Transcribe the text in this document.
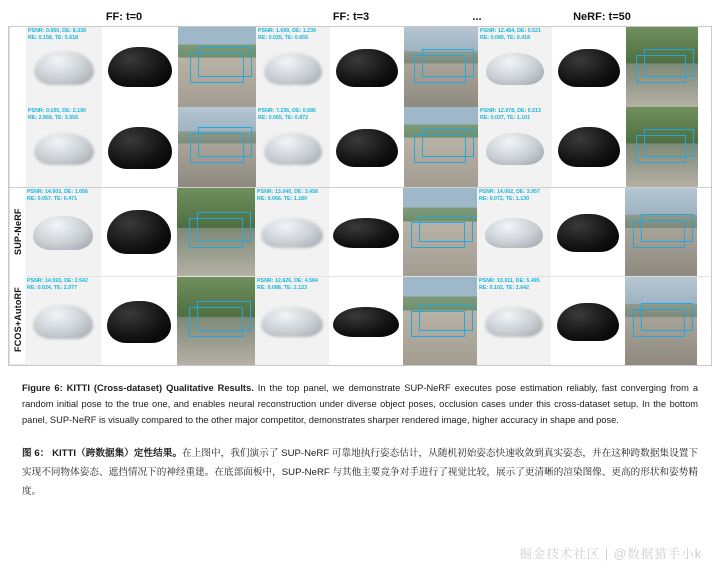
FF: t=0	FF: t=3	...	NeRF: t=50
PSNR: 0.960, DE: 8.339
RE: 0.158, TE: 5.618
PSNR: 1.699, DE: 1.239
RE: 0.025, TE: 0.656
PSNR: 12.484, DE: 0.521
RE: 0.080, TE: 0.418
PSNR: 0.105, DE: 2.190
RE: 2.869, TE: 3.556
PSNR: 7.236, DE: 0.686
RE: 0.065, TE: 0.872
PSNR: 12.978, DE: 0.513
RE: 0.037, TE: 1.101
SUP-NeRF
FCOS+AutoRF
PSNR: 14.603, DE: 1.056
RE: 0.057, TE: 0.471
PSNR: 13.040, DE: 3.458
RE: 0.066, TE: 1.180
PSNR: 14.002, DE: 3.957
RE: 0.072, TE: 1.130
PSNR: 14.593, DE: 2.542
RE: 0.024, TE: 2.077
PSNR: 12.626, DE: 4.584
RE: 0.088, TE: 2.123
PSNR: 13.011, DE: 5.495
RE: 0.102, TE: 2.642
Figure 6: KITTI (Cross-dataset) Qualitative Results. In the top panel, we demonstrate SUP-NeRF executes pose estimation reliably, fast converging from a random initial pose to the true one, and enables neural reconstruction under diverse object poses, occlusion cases under this cross-dataset setup. In the bottom panel, SUP-NeRF is visually compared to the other major competitor, demonstrates sharper rendered image, higher accuracy in shape and pose.
图 6： KITTI（跨数据集）定性结果。在上图中，我们演示了 SUP-NeRF 可靠地执行姿态估计，从随机初始姿态快速收敛到真实姿态，并在这种跨数据集设置下实现不同物体姿态、遮挡情况下的神经重建。在底部面板中，SUP-NeRF 与其他主要竞争对手进行了视觉比较，展示了更清晰的渲染图像、更高的形状和姿势精度。
掘金技术社区 | @数据猎手小k
